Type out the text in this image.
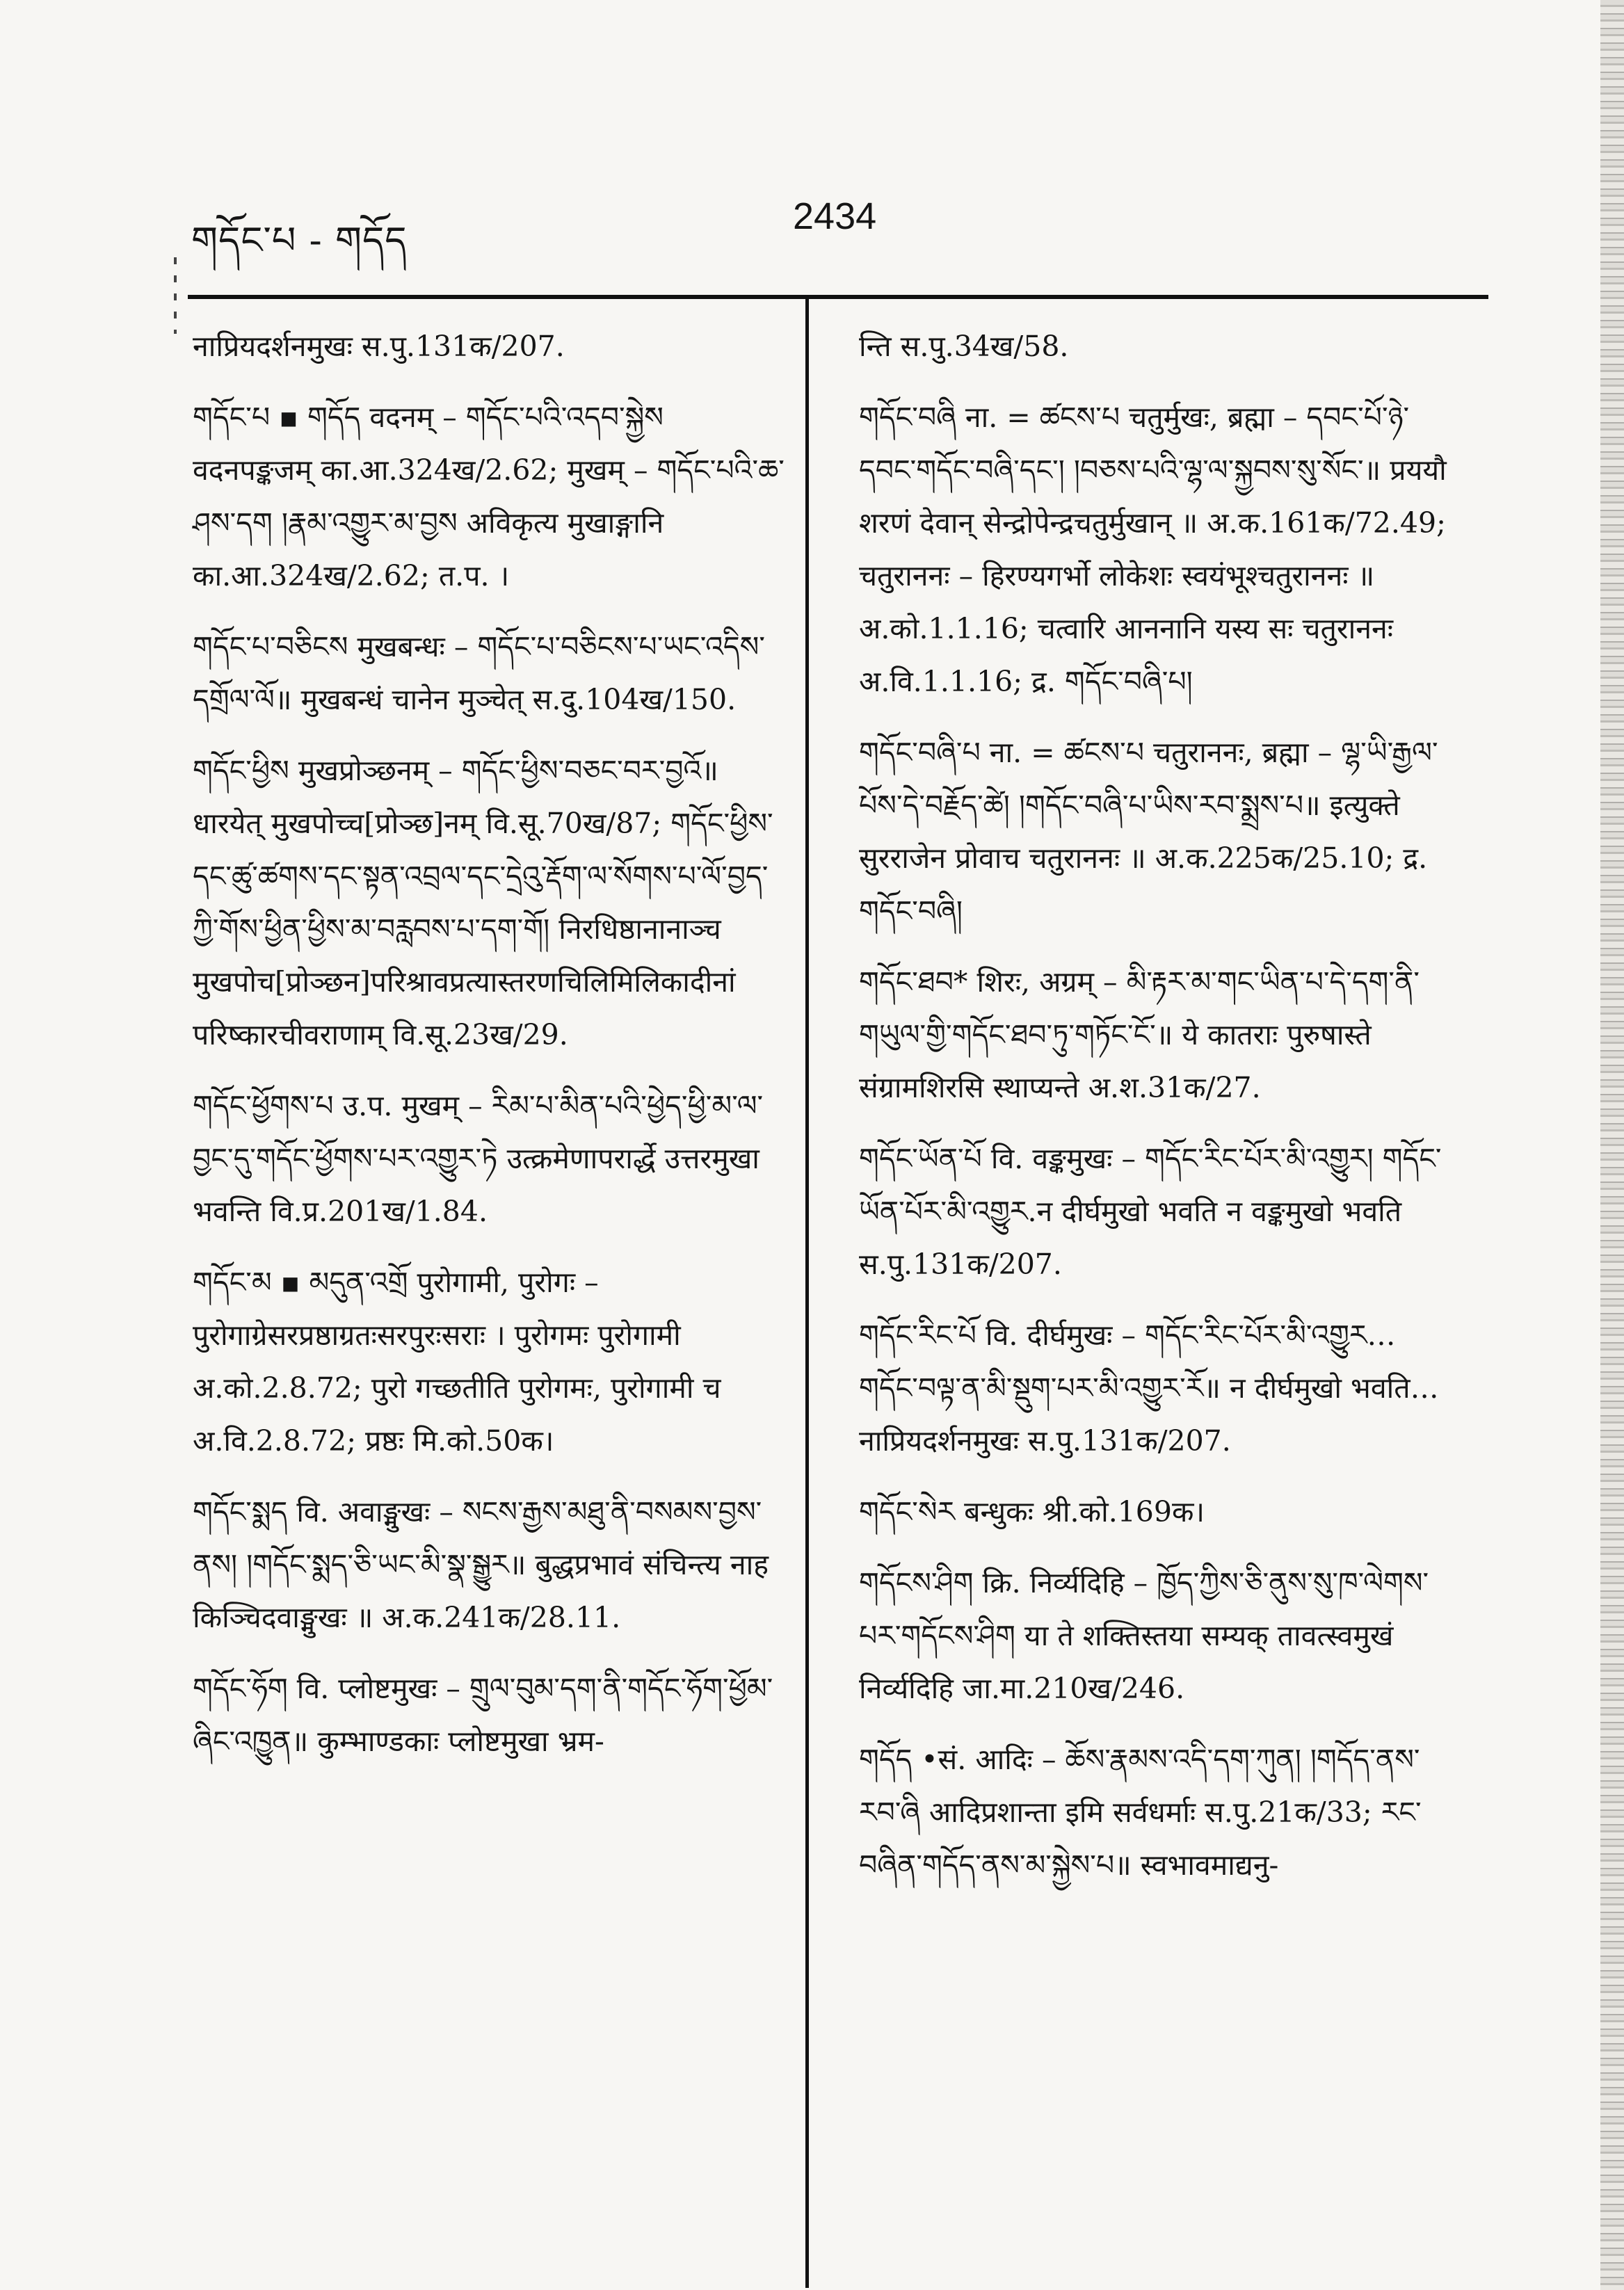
གདོང་པ - གདོད
2434

नाप्रियदर्शनमुखः स.पु.131क/207.

གདོང་པ ▪ གདོད वदनम् – གདོང་པའི་འདབ་སྐྱེས वदनपङ्कजम् का.आ.324ख/2.62; मुखम् – གདོང་པའི་ཆ་ཤས་དག །རྣམ་འགྱུར་མ་བྱས अविकृत्य मुखाङ्गानि का.आ.324ख/2.62; त.प. ।

གདོང་པ་བཅིངས मुखबन्धः – གདོང་པ་བཅིངས་པ་ཡང་འདིས་དགྲོལ་ལོ॥ मुखबन्धं चानेन मुञ्चेत् स.दु.104ख/150.

གདོང་ཕྱིས मुखप्रोञ्छनम् – གདོང་ཕྱིས་བཅང་བར་བྱའོ॥ धारयेत् मुखपोच्च[प्रोञ्छ]नम् वि.सू.70ख/87; གདོང་ཕྱིས་དང་ཚུ་ཚགས་དང་སྟན་འབྲལ་དང་དྲེའུ་རྡོག་ལ་སོགས་པ་ལོ་བྱད་ཀྱི་གོས་ཕྱིན་ཕྱིས་མ་བརླབས་པ་དག་གོ། निरधिष्ठानानाञ्च मुखपोच[प्रोञ्छन]परिश्रावप्रत्यास्तरणचिलिमिलिकादीनां परिष्कारचीवराणाम् वि.सू.23ख/29.

གདོང་ཕྱོགས་པ उ.प. मुखम् – རིམ་པ་མིན་པའི་ཕྱེད་ཕྱི་མ་ལ་བྱང་དུ་གདོང་ཕྱོགས་པར་འགྱུར་ཏེ उत्क्रमेणापरार्द्धे उत्तरमुखा भवन्ति वि.प्र.201ख/1.84.

གདོང་མ ▪ མདུན་འགྲོ पुरोगामी, पुरोगः – पुरोगाग्रेसरप्रष्ठाग्रतःसरपुरःसराः । पुरोगमः पुरोगामी अ.को.2.8.72; पुरो गच्छतीति पुरोगमः, पुरोगामी च अ.वि.2.8.72; प्रष्ठः मि.को.50क।

གདོང་སྨད वि. अवाङ्मुखः – སངས་རྒྱས་མཐུ་ནི་བསམས་བྱས་ནས། །གདོང་སྨད་ཅི་ཡང་མི་སྣ་སྒྱུར॥ बुद्धप्रभावं संचिन्त्य नाह किञ्चिदवाङ्मुखः ॥ अ.क.241क/28.11.

གདོང་ཧོག वि. प्लोष्टमुखः – གྲུལ་བུམ་དག་ནི་གདོང་ཧོག་ཕྱོམ་ཞིང་འཁྱུན॥ कुम्भाण्डकाः प्लोष्टमुखा भ्रम-

न्ति स.पु.34ख/58.

གདོང་བཞི ना. = ཚངས་པ चतुर्मुखः, ब्रह्मा – དབང་པོ་ཉེ་དབང་གདོང་བཞི་དང་། །བཅས་པའི་ལྷ་ལ་སྐྱབས་སུ་སོང་॥ प्रययौ शरणं देवान् सेन्द्रोपेन्द्रचतुर्मुखान् ॥ अ.क.161क/72.49; चतुराननः – हिरण्यगर्भो लोकेशः स्वयंभूश्चतुराननः ॥ अ.को.1.1.16; चत्वारि आननानि यस्य सः चतुराननः अ.वि.1.1.16; द्र. གདོང་བཞི་པ།

གདོང་བཞི་པ ना. = ཚངས་པ चतुराननः, ब्रह्मा – ལྷ་ཡི་རྒྱལ་པོས་དེ་བརྗོད་ཚེ། །གདོང་བཞི་པ་ཡིས་རབ་སྨྲས་པ॥ इत्युक्ते सुरराजेन प्रोवाच चतुराननः ॥ अ.क.225क/25.10; द्र. གདོང་བཞི།

གདོང་ཐབ* शिरः, अग्रम् – མི་རྟར་མ་གང་ཡིན་པ་དེ་དག་ནི་གཡུལ་གྱི་གདོང་ཐབ་ཏུ་གཏོང་ངོ་॥ ये कातराः पुरुषास्ते संग्रामशिरसि स्थाप्यन्ते अ.श.31क/27.

གདོང་ཡོན་པོ वि. वङ्कमुखः – གདོང་རིང་པོར་མི་འགྱུར། གདོང་ཡོན་པོར་མི་འགྱུར.न दीर्घमुखो भवति न वङ्कमुखो भवति स.पु.131क/207.

གདོང་རིང་པོ वि. दीर्घमुखः – གདོང་རིང་པོར་མི་འགྱུར…གདོང་བལྟ་ན་མི་སྡུག་པར་མི་འགྱུར་རོ॥ न दीर्घमुखो भवति…नाप्रियदर्शनमुखः स.पु.131क/207.

གདོང་སེར बन्धुकः श्री.को.169क।

གདོངས་ཤིག क्रि. निर्व्यदिहि – ཁྱོད་ཀྱིས་ཅི་ནུས་སུ་ཁ་ལེགས་པར་གདོངས་ཤིག या ते शक्तिस्तया सम्यक् तावत्स्वमुखं निर्व्यदिहि जा.मा.210ख/246.

གདོད •सं. आदिः – ཆོས་རྣམས་འདི་དག་ཀུན། །གདོད་ནས་རབ་ཞི आदिप्रशान्ता इमि सर्वधर्माः स.पु.21क/33; རང་བཞིན་གདོད་ནས་མ་སྐྱེས་པ॥ स्वभावमाद्यनु-
